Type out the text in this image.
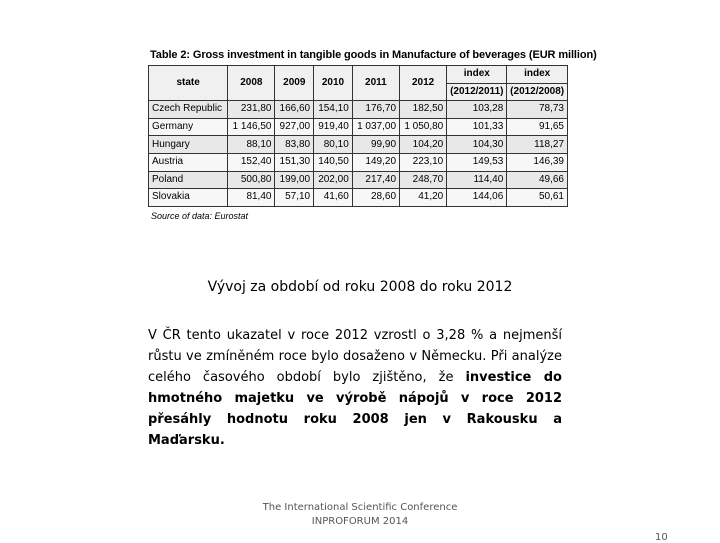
Table 2: Gross investment in tangible goods in Manufacture of beverages (EUR million)
state	2008	2009	2010	2011	2012	index	index
						(2012/2011)	(2012/2008)
Czech Republic	231,80	166,60	154,10	176,70	182,50	103,28	78,73
Germany	1 146,50	927,00	919,40	1 037,00	1 050,80	101,33	91,65
Hungary	88,10	83,80	80,10	99,90	104,20	104,30	118,27
Austria	152,40	151,30	140,50	149,20	223,10	149,53	146,39
Poland	500,80	199,00	202,00	217,40	248,70	114,40	49,66
Slovakia	81,40	57,10	41,60	28,60	41,20	144,06	50,61
Source of data: Eurostat
Vývoj za období od roku 2008 do roku 2012
V ČR tento ukazatel v roce 2012 vzrostl o 3,28 % a nejmenší růstu ve zmíněném roce bylo dosaženo v Německu. Při analýze celého časového období bylo zjištěno, že investice do hmotného majetku ve výrobě nápojů v roce 2012 přesáhly hodnotu roku 2008 jen v Rakousku a Maďarsku.
The International Scientific Conference
INPROFORUM 2014
10
